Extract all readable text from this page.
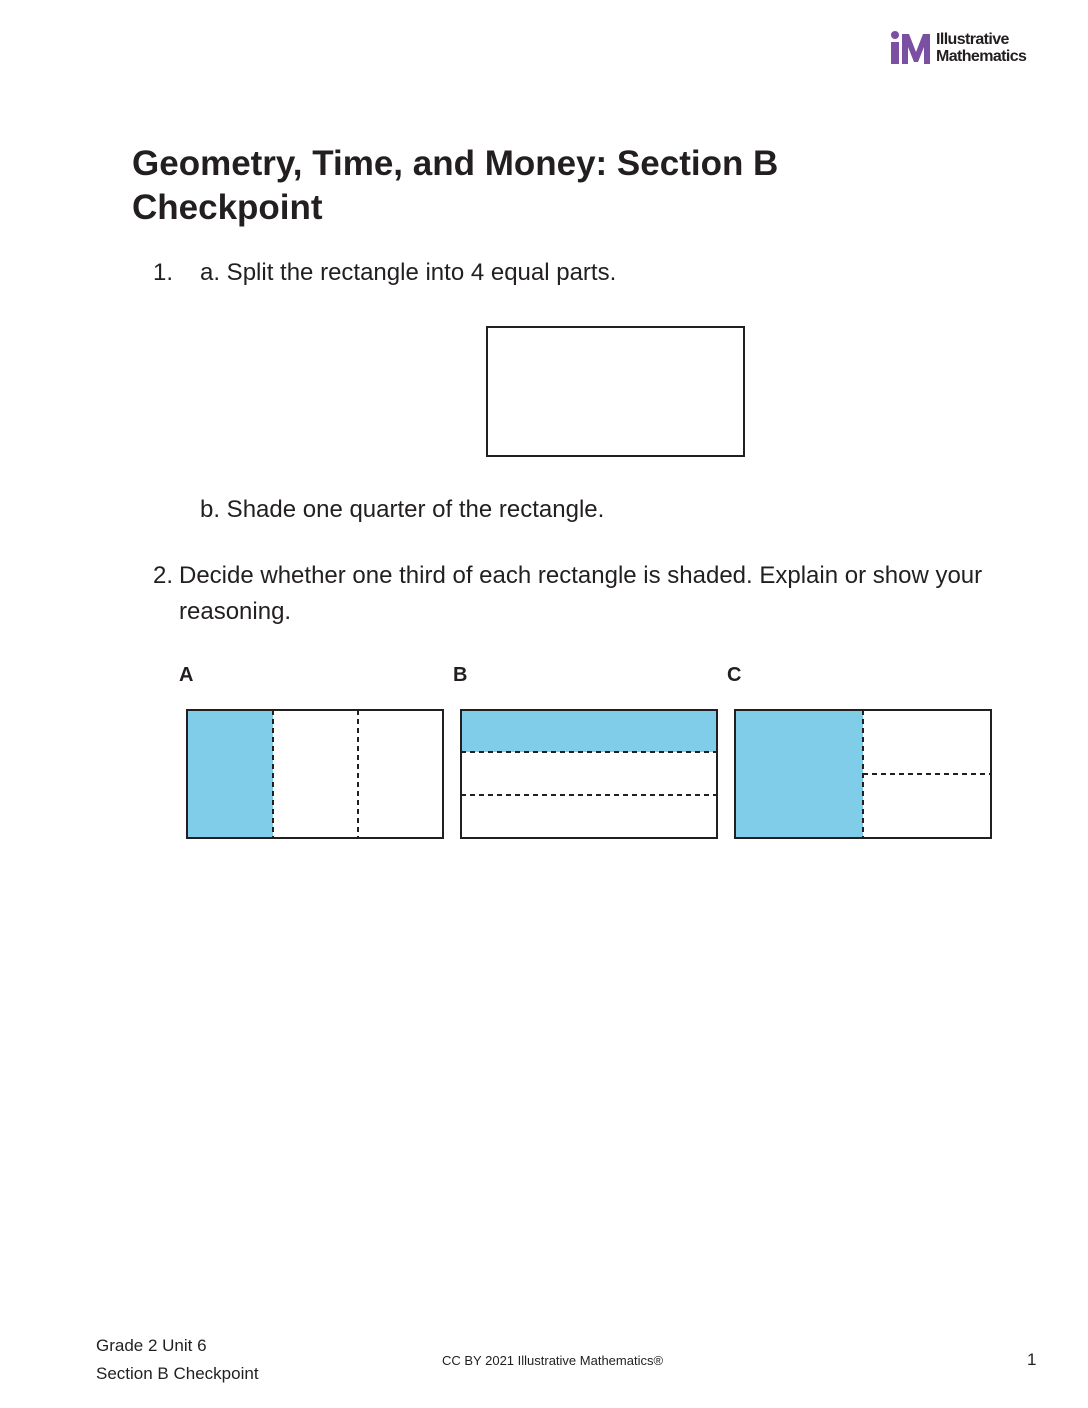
Illustrative
Mathematics
Geometry, Time, and Money: Section B Checkpoint
1. a. Split the rectangle into 4 equal parts.
b. Shade one quarter of the rectangle.
2. Decide whether one third of each rectangle is shaded. Explain or show your reasoning.
A	B	C
Grade 2 Unit 6
Section B Checkpoint
CC BY 2021 Illustrative Mathematics®	1
